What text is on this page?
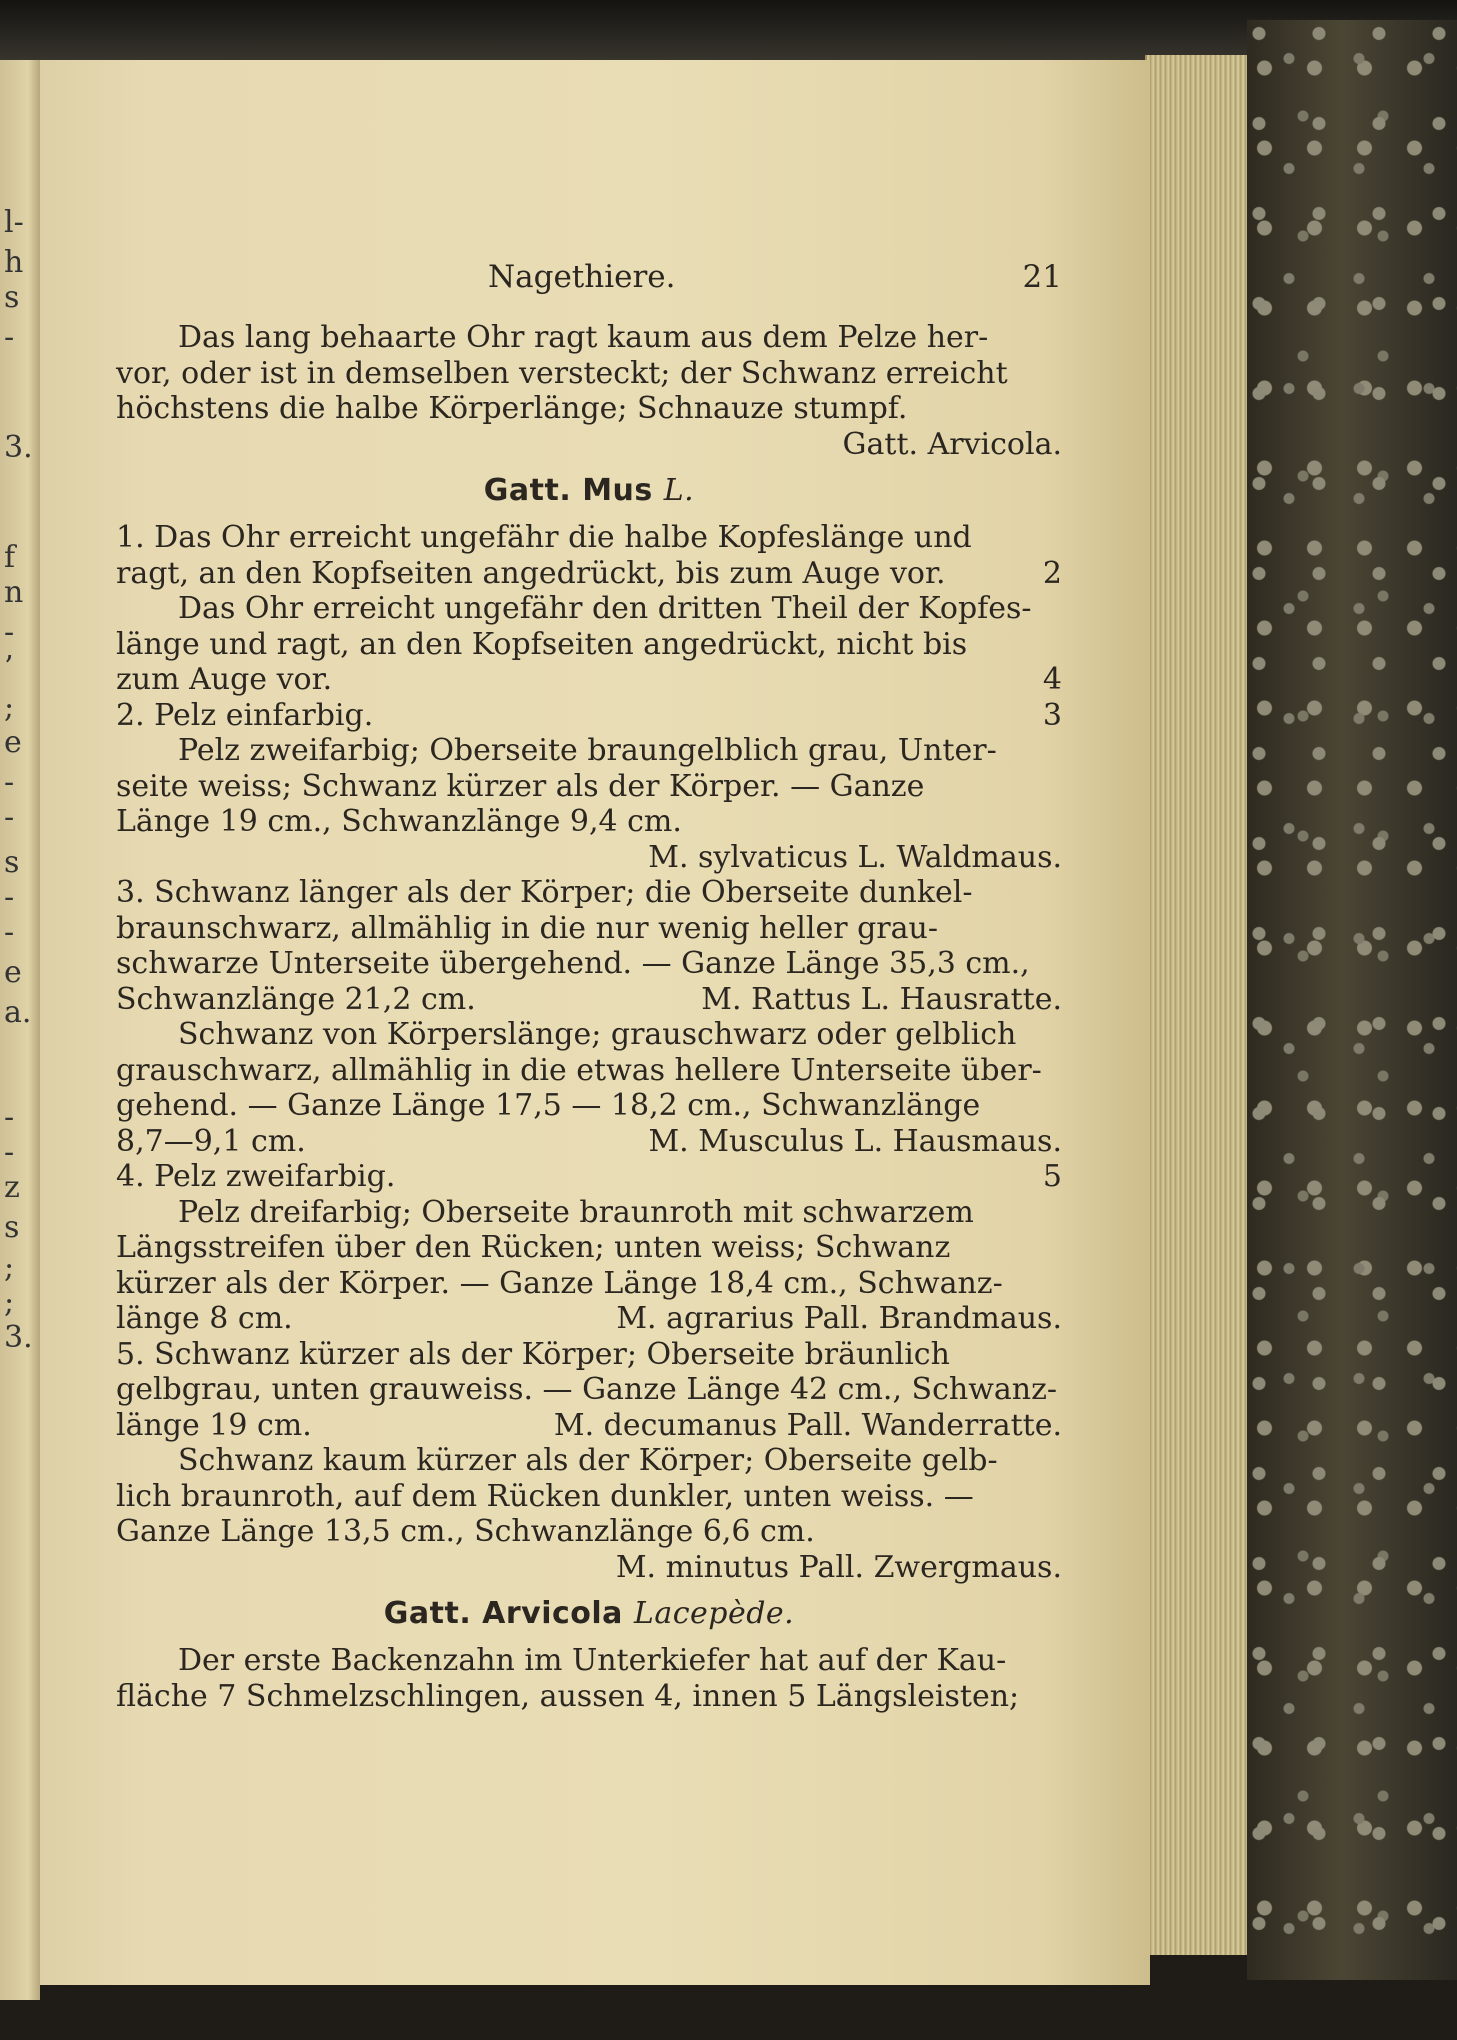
l-
h
s
-
3.
f
n
-
’
;
e
-
-
s
-
-
e
a.
-
-
z
s
;
;
3.
Nagethiere.	21
Das lang behaarte Ohr ragt kaum aus dem Pelze her-
vor, oder ist in demselben versteckt; der Schwanz erreicht
höchstens die halbe Körperlänge; Schnauze stumpf.
Gatt. Arvicola.
Gatt. Mus L.
1. Das Ohr erreicht ungefähr die halbe Kopfeslänge und
ragt, an den Kopfseiten angedrückt, bis zum Auge vor.	2
Das Ohr erreicht ungefähr den dritten Theil der Kopfes-
länge und ragt, an den Kopfseiten angedrückt, nicht bis
zum Auge vor.	4
2. Pelz einfarbig.	3
Pelz zweifarbig; Oberseite braungelblich grau, Unter-
seite weiss; Schwanz kürzer als der Körper. — Ganze
Länge 19 cm., Schwanzlänge 9,4 cm.
M. sylvaticus L. Waldmaus.
3. Schwanz länger als der Körper; die Oberseite dunkel-
braunschwarz, allmählig in die nur wenig heller grau-
schwarze Unterseite übergehend. — Ganze Länge 35,3 cm.,
Schwanzlänge 21,2 cm.	M. Rattus L. Hausratte.
Schwanz von Körperslänge; grauschwarz oder gelblich
grauschwarz, allmählig in die etwas hellere Unterseite über-
gehend. — Ganze Länge 17,5 — 18,2 cm., Schwanzlänge
8,7—9,1 cm.	M. Musculus L. Hausmaus.
4. Pelz zweifarbig.	5
Pelz dreifarbig; Oberseite braunroth mit schwarzem
Längsstreifen über den Rücken; unten weiss; Schwanz
kürzer als der Körper. — Ganze Länge 18,4 cm., Schwanz-
länge 8 cm.	M. agrarius Pall. Brandmaus.
5. Schwanz kürzer als der Körper; Oberseite bräunlich
gelbgrau, unten grauweiss. — Ganze Länge 42 cm., Schwanz-
länge 19 cm.	M. decumanus Pall. Wanderratte.
Schwanz kaum kürzer als der Körper; Oberseite gelb-
lich braunroth, auf dem Rücken dunkler, unten weiss. —
Ganze Länge 13,5 cm., Schwanzlänge 6,6 cm.
M. minutus Pall. Zwergmaus.
Gatt. Arvicola Lacepède.
Der erste Backenzahn im Unterkiefer hat auf der Kau-
fläche 7 Schmelzschlingen, aussen 4, innen 5 Längsleisten;
